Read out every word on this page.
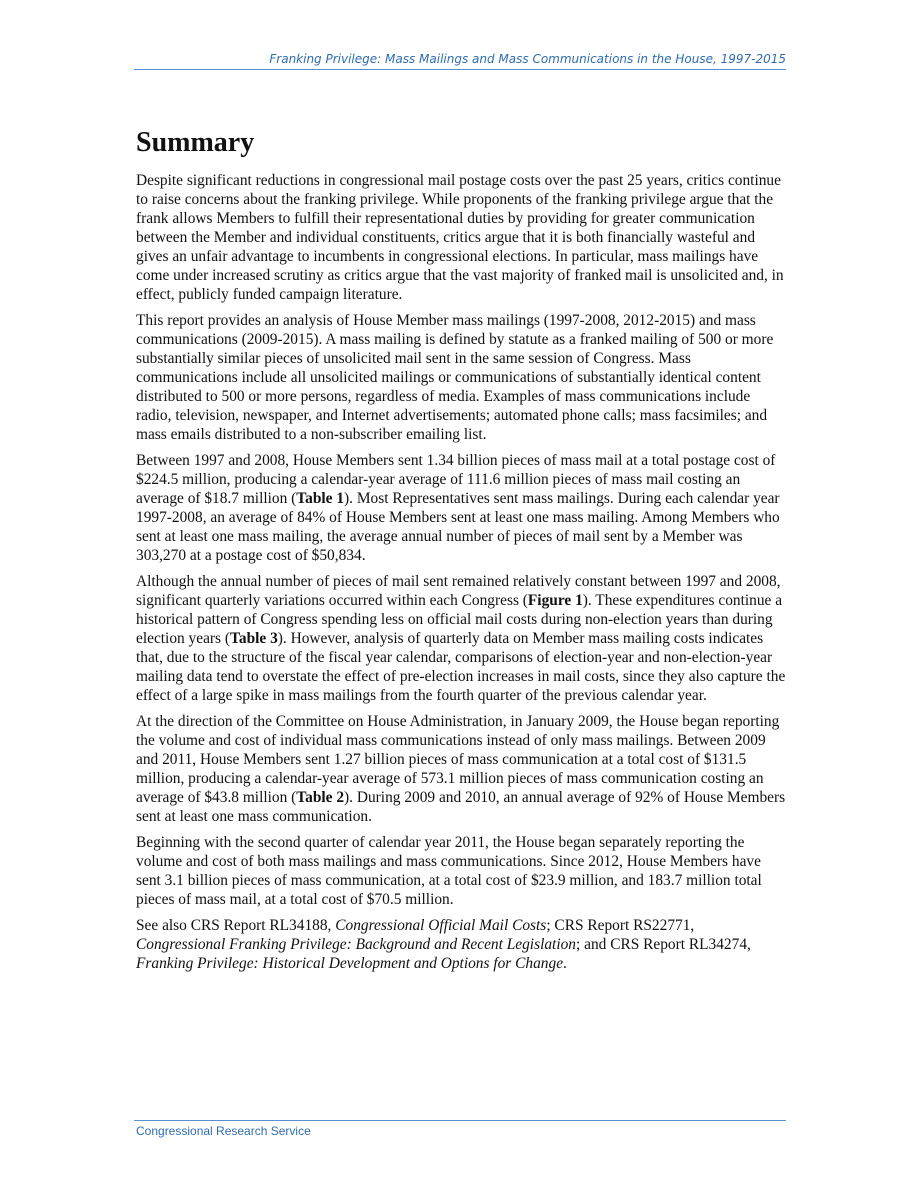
Franking Privilege: Mass Mailings and Mass Communications in the House, 1997-2015
Summary

Despite significant reductions in congressional mail postage costs over the past 25 years, critics continue to raise concerns about the franking privilege. While proponents of the franking privilege argue that the frank allows Members to fulfill their representational duties by providing for greater communication between the Member and individual constituents, critics argue that it is both financially wasteful and gives an unfair advantage to incumbents in congressional elections. In particular, mass mailings have come under increased scrutiny as critics argue that the vast majority of franked mail is unsolicited and, in effect, publicly funded campaign literature.

This report provides an analysis of House Member mass mailings (1997-2008, 2012-2015) and mass communications (2009-2015). A mass mailing is defined by statute as a franked mailing of 500 or more substantially similar pieces of unsolicited mail sent in the same session of Congress. Mass communications include all unsolicited mailings or communications of substantially identical content distributed to 500 or more persons, regardless of media. Examples of mass communications include radio, television, newspaper, and Internet advertisements; automated phone calls; mass facsimiles; and mass emails distributed to a non-subscriber emailing list.

Between 1997 and 2008, House Members sent 1.34 billion pieces of mass mail at a total postage cost of $224.5 million, producing a calendar-year average of 111.6 million pieces of mass mail costing an average of $18.7 million (Table 1). Most Representatives sent mass mailings. During each calendar year 1997-2008, an average of 84% of House Members sent at least one mass mailing. Among Members who sent at least one mass mailing, the average annual number of pieces of mail sent by a Member was 303,270 at a postage cost of $50,834.

Although the annual number of pieces of mail sent remained relatively constant between 1997 and 2008, significant quarterly variations occurred within each Congress (Figure 1). These expenditures continue a historical pattern of Congress spending less on official mail costs during non-election years than during election years (Table 3). However, analysis of quarterly data on Member mass mailing costs indicates that, due to the structure of the fiscal year calendar, comparisons of election-year and non-election-year mailing data tend to overstate the effect of pre-election increases in mail costs, since they also capture the effect of a large spike in mass mailings from the fourth quarter of the previous calendar year.

At the direction of the Committee on House Administration, in January 2009, the House began reporting the volume and cost of individual mass communications instead of only mass mailings. Between 2009 and 2011, House Members sent 1.27 billion pieces of mass communication at a total cost of $131.5 million, producing a calendar-year average of 573.1 million pieces of mass communication costing an average of $43.8 million (Table 2). During 2009 and 2010, an annual average of 92% of House Members sent at least one mass communication.

Beginning with the second quarter of calendar year 2011, the House began separately reporting the volume and cost of both mass mailings and mass communications. Since 2012, House Members have sent 3.1 billion pieces of mass communication, at a total cost of $23.9 million, and 183.7 million total pieces of mass mail, at a total cost of $70.5 million.

See also CRS Report RL34188, Congressional Official Mail Costs; CRS Report RS22771, Congressional Franking Privilege: Background and Recent Legislation; and CRS Report RL34274, Franking Privilege: Historical Development and Options for Change.

Congressional Research Service
